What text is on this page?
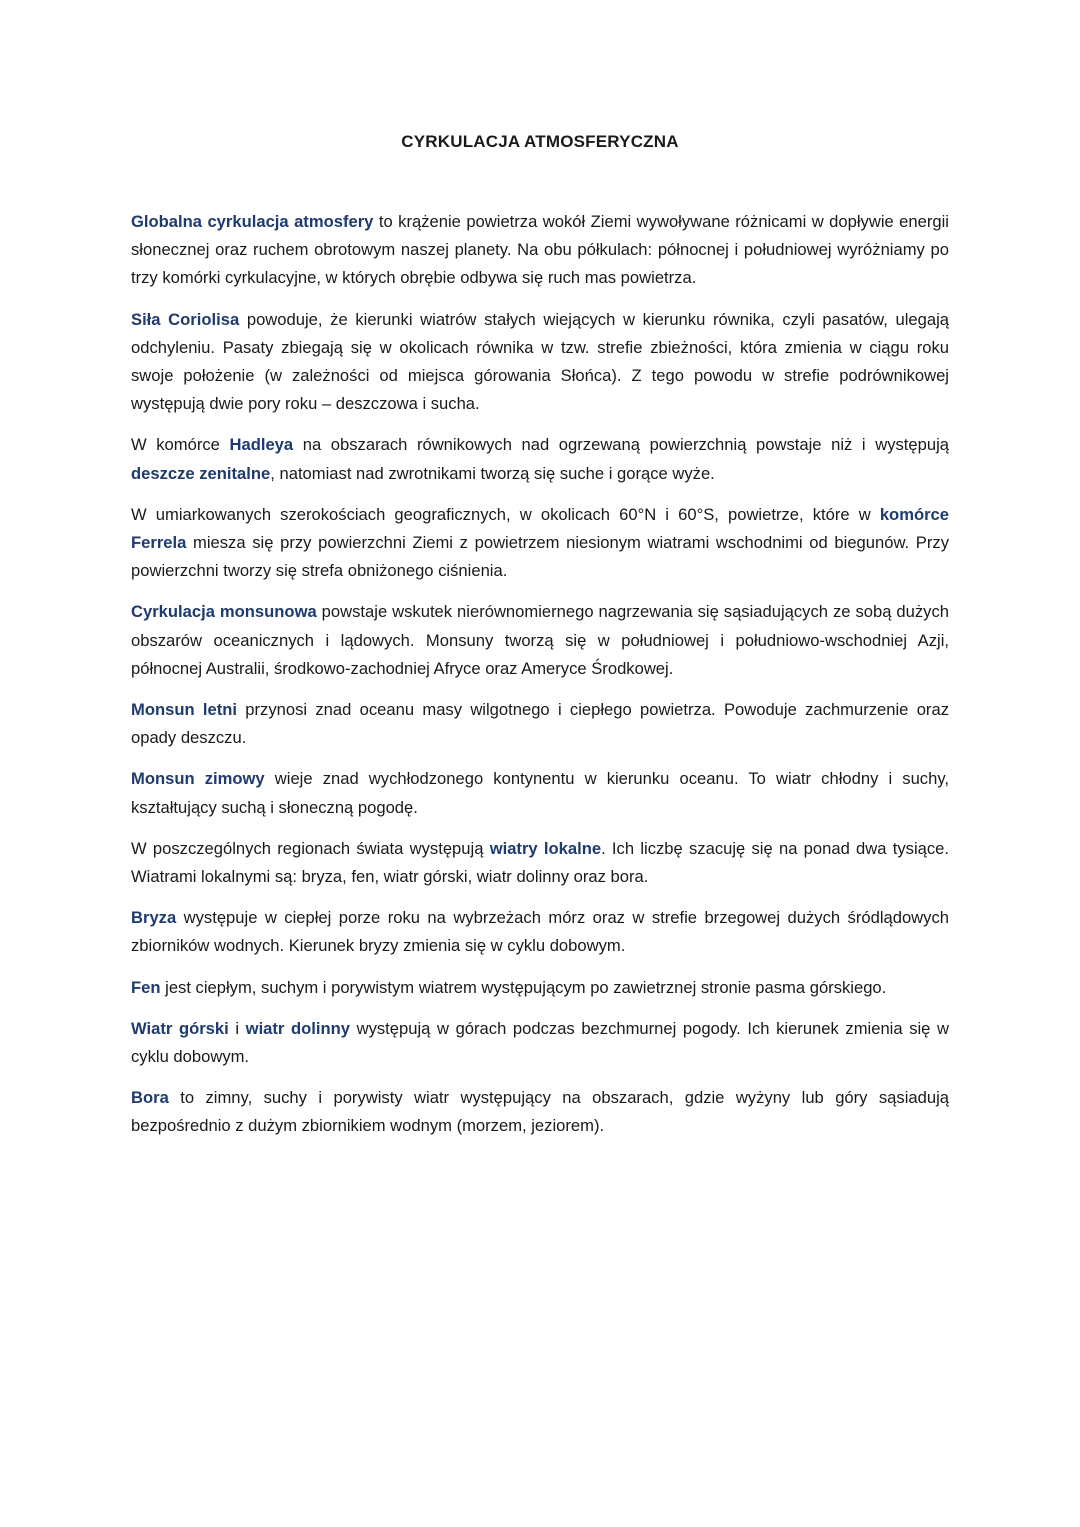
CYRKULACJA ATMOSFERYCZNA

Globalna cyrkulacja atmosfery to krążenie powietrza wokół Ziemi wywoływane różnicami w dopływie energii słonecznej oraz ruchem obrotowym naszej planety. Na obu półkulach: północnej i południowej wyróżniamy po trzy komórki cyrkulacyjne, w których obrębie odbywa się ruch mas powietrza.

Siła Coriolisa powoduje, że kierunki wiatrów stałych wiejących w kierunku równika, czyli pasatów, ulegają odchyleniu. Pasaty zbiegają się w okolicach równika w tzw. strefie zbieżności, która zmienia w ciągu roku swoje położenie (w zależności od miejsca górowania Słońca). Z tego powodu w strefie podrównikowej występują dwie pory roku – deszczowa i sucha.

W komórce Hadleya na obszarach równikowych nad ogrzewaną powierzchnią powstaje niż i występują deszcze zenitalne, natomiast nad zwrotnikami tworzą się suche i gorące wyże.

W umiarkowanych szerokościach geograficznych, w okolicach 60°N i 60°S, powietrze, które w komórce Ferrela miesza się przy powierzchni Ziemi z powietrzem niesionym wiatrami wschodnimi od biegunów. Przy powierzchni tworzy się strefa obniżonego ciśnienia.

Cyrkulacja monsunowa powstaje wskutek nierównomiernego nagrzewania się sąsiadujących ze sobą dużych obszarów oceanicznych i lądowych. Monsuny tworzą się w południowej i południowo-wschodniej Azji, północnej Australii, środkowo-zachodniej Afryce oraz Ameryce Środkowej.

Monsun letni przynosi znad oceanu masy wilgotnego i ciepłego powietrza. Powoduje zachmurzenie oraz opady deszczu.

Monsun zimowy wieje znad wychłodzonego kontynentu w kierunku oceanu. To wiatr chłodny i suchy, kształtujący suchą i słoneczną pogodę.

W poszczególnych regionach świata występują wiatry lokalne. Ich liczbę szacuję się na ponad dwa tysiące. Wiatrami lokalnymi są: bryza, fen, wiatr górski, wiatr dolinny oraz bora.

Bryza występuje w ciepłej porze roku na wybrzeżach mórz oraz w strefie brzegowej dużych śródlądowych zbiorników wodnych. Kierunek bryzy zmienia się w cyklu dobowym.

Fen jest ciepłym, suchym i porywistym wiatrem występującym po zawietrznej stronie pasma górskiego.

Wiatr górski i wiatr dolinny występują w górach podczas bezchmurnej pogody. Ich kierunek zmienia się w cyklu dobowym.

Bora to zimny, suchy i porywisty wiatr występujący na obszarach, gdzie wyżyny lub góry sąsiadują bezpośrednio z dużym zbiornikiem wodnym (morzem, jeziorem).
